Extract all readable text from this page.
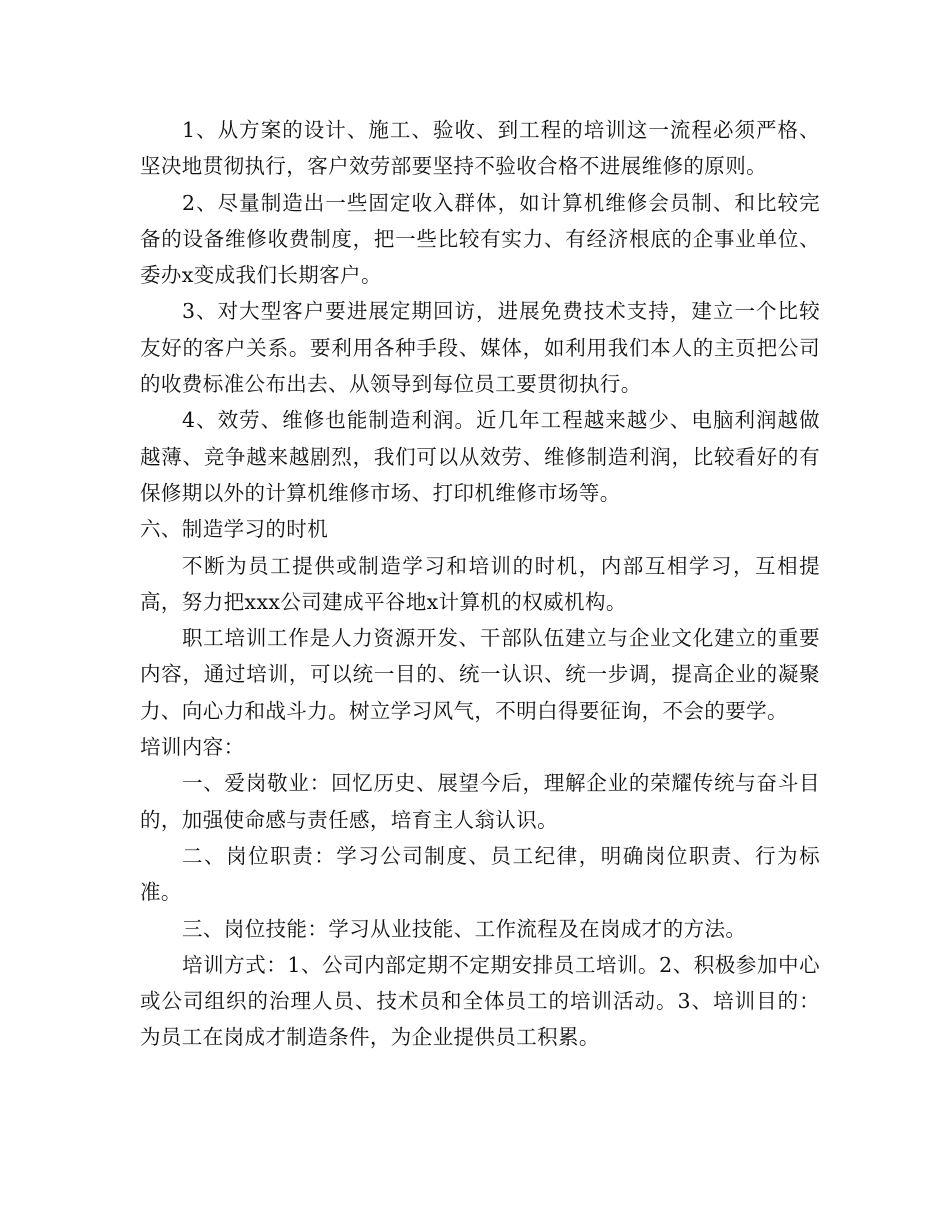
1、从方案的设计、施工、验收、到工程的培训这一流程必须严格、坚决地贯彻执行，客户效劳部要坚持不验收合格不进展维修的原则。

2、尽量制造出一些固定收入群体，如计算机维修会员制、和比较完备的设备维修收费制度，把一些比较有实力、有经济根底的企事业单位、委办x变成我们长期客户。

3、对大型客户要进展定期回访，进展免费技术支持，建立一个比较友好的客户关系。要利用各种手段、媒体，如利用我们本人的主页把公司的收费标准公布出去、从领导到每位员工要贯彻执行。

4、效劳、维修也能制造利润。近几年工程越来越少、电脑利润越做越薄、竞争越来越剧烈，我们可以从效劳、维修制造利润，比较看好的有保修期以外的计算机维修市场、打印机维修市场等。

六、制造学习的时机

不断为员工提供或制造学习和培训的时机，内部互相学习，互相提高，努力把xxx公司建成平谷地x计算机的权威机构。

职工培训工作是人力资源开发、干部队伍建立与企业文化建立的重要内容，通过培训，可以统一目的、统一认识、统一步调，提高企业的凝聚力、向心力和战斗力。树立学习风气，不明白得要征询，不会的要学。

培训内容：

一、爱岗敬业：回忆历史、展望今后，理解企业的荣耀传统与奋斗目的，加强使命感与责任感，培育主人翁认识。

二、岗位职责：学习公司制度、员工纪律，明确岗位职责、行为标准。

三、岗位技能：学习从业技能、工作流程及在岗成才的方法。

培训方式：1、公司内部定期不定期安排员工培训。2、积极参加中心或公司组织的治理人员、技术员和全体员工的培训活动。3、培训目的：为员工在岗成才制造条件，为企业提供员工积累。
